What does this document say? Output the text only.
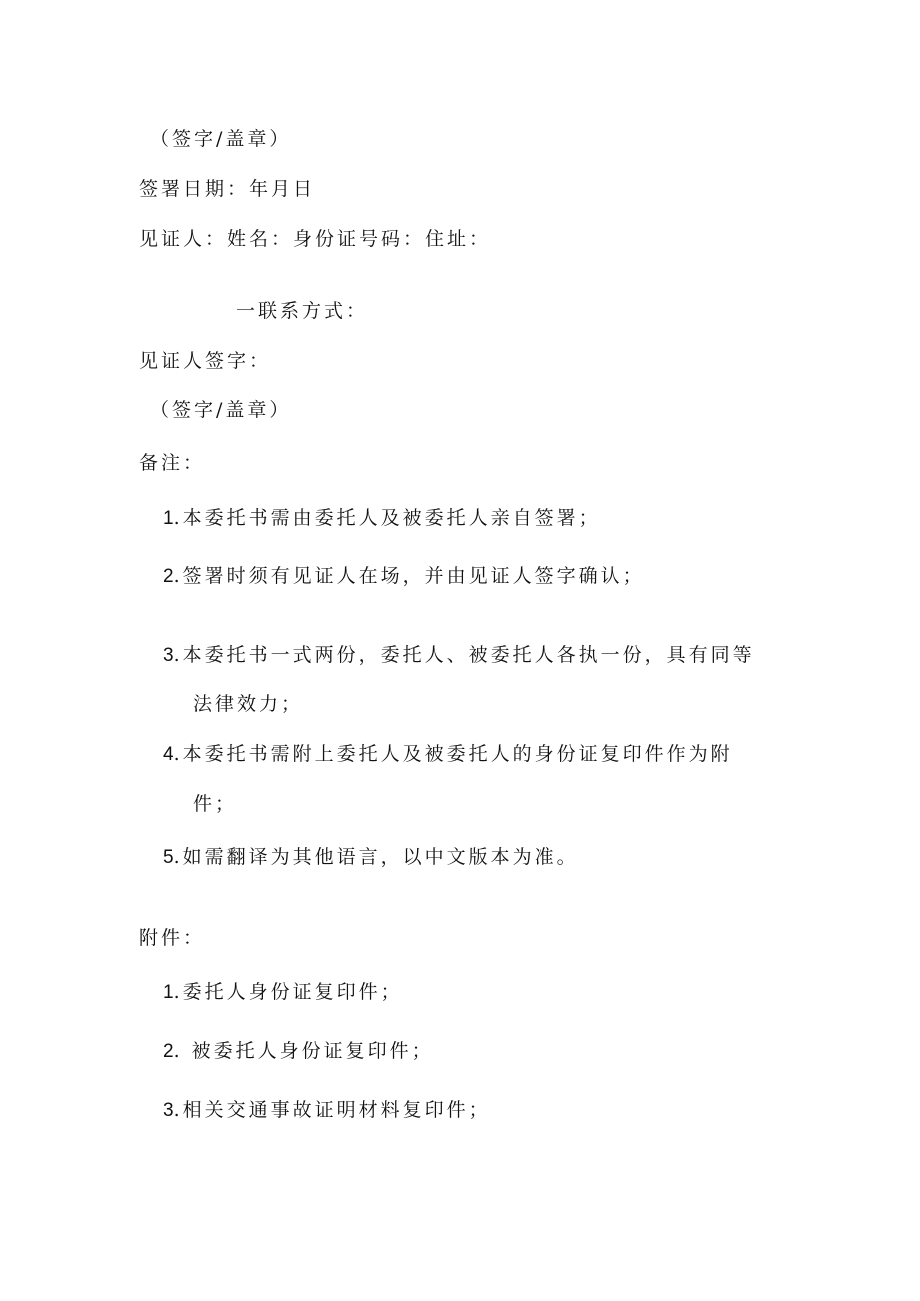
（签字/盖章）
签署日期：年月日
见证人：姓名：身份证号码：住址：
一联系方式：
见证人签字：
（签字/盖章）
备注：
1.本委托书需由委托人及被委托人亲自签署；
2.签署时须有见证人在场，并由见证人签字确认；
3.本委托书一式两份，委托人、被委托人各执一份，具有同等
法律效力；
4.本委托书需附上委托人及被委托人的身份证复印件作为附
件；
5.如需翻译为其他语言，以中文版本为准。
附件：
1.委托人身份证复印件；
2. 被委托人身份证复印件；
3.相关交通事故证明材料复印件；
